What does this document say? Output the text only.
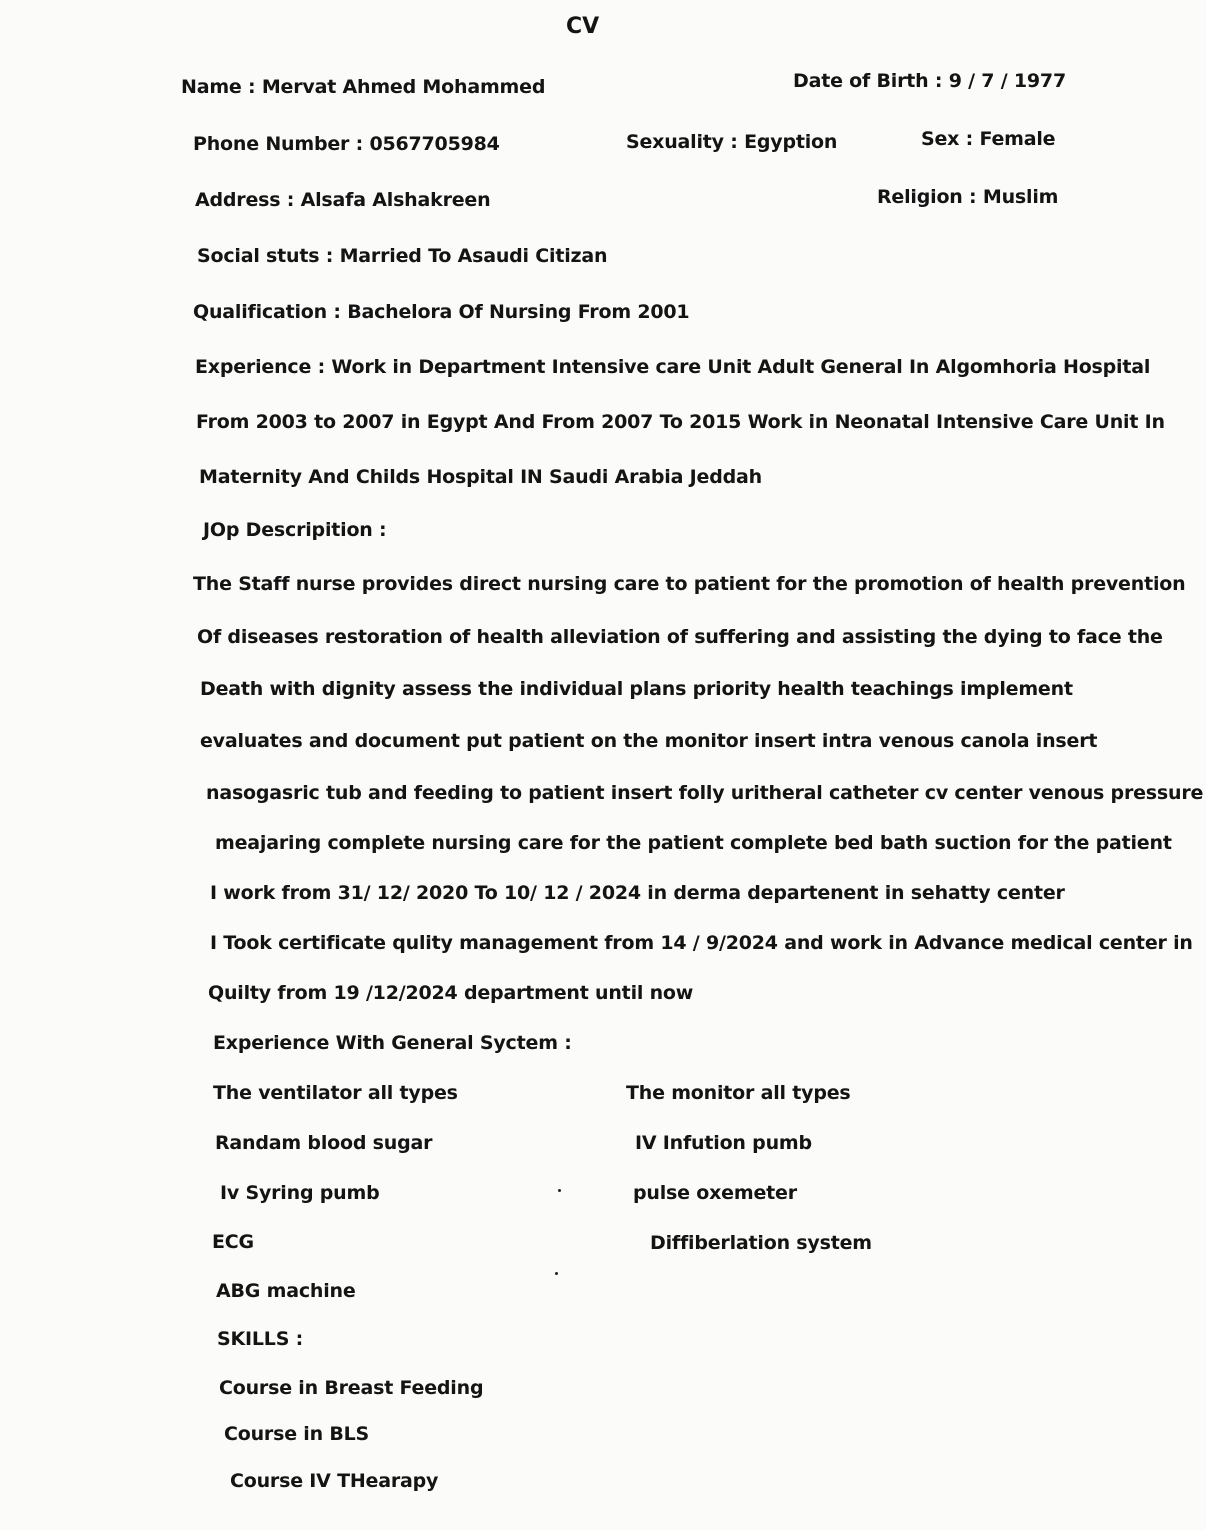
CV
Name : Mervat Ahmed Mohammed	Date of Birth : 9 / 7 / 1977
Phone Number : 0567705984	Sexuality : Egyption	Sex : Female
Address : Alsafa Alshakreen	Religion : Muslim
Social stuts : Married To Asaudi Citizan
Qualification : Bachelora Of Nursing From 2001
Experience : Work in Department Intensive care Unit Adult General In Algomhoria Hospital
From 2003 to 2007 in Egypt And From 2007 To 2015 Work in Neonatal Intensive Care Unit In
Maternity And Childs Hospital IN Saudi Arabia Jeddah
JOp Descripition :
The Staff nurse provides direct nursing care to patient for the promotion of health prevention
Of diseases restoration of health alleviation of suffering and assisting the dying to face the
Death with dignity assess the individual plans priority health teachings implement
evaluates and document put patient on the monitor insert intra venous canola insert
nasogasric tub and feeding to patient insert folly uritheral catheter cv center venous pressure
meajaring complete nursing care for the patient complete bed bath suction for the patient
I work from 31/ 12/ 2020 To 10/ 12 / 2024 in derma departenent in sehatty center
I Took certificate qulity management from 14 / 9/2024 and work in Advance medical center in
Quilty from 19 /12/2024 department until now
Experience With General Syctem :
The ventilator all types	The monitor all types
Randam blood sugar	IV Infution pumb
Iv Syring pumb	pulse oxemeter
ECG	Diffiberlation system
ABG machine
SKILLS :
Course in Breast Feeding
Course in BLS
Course IV THearapy
